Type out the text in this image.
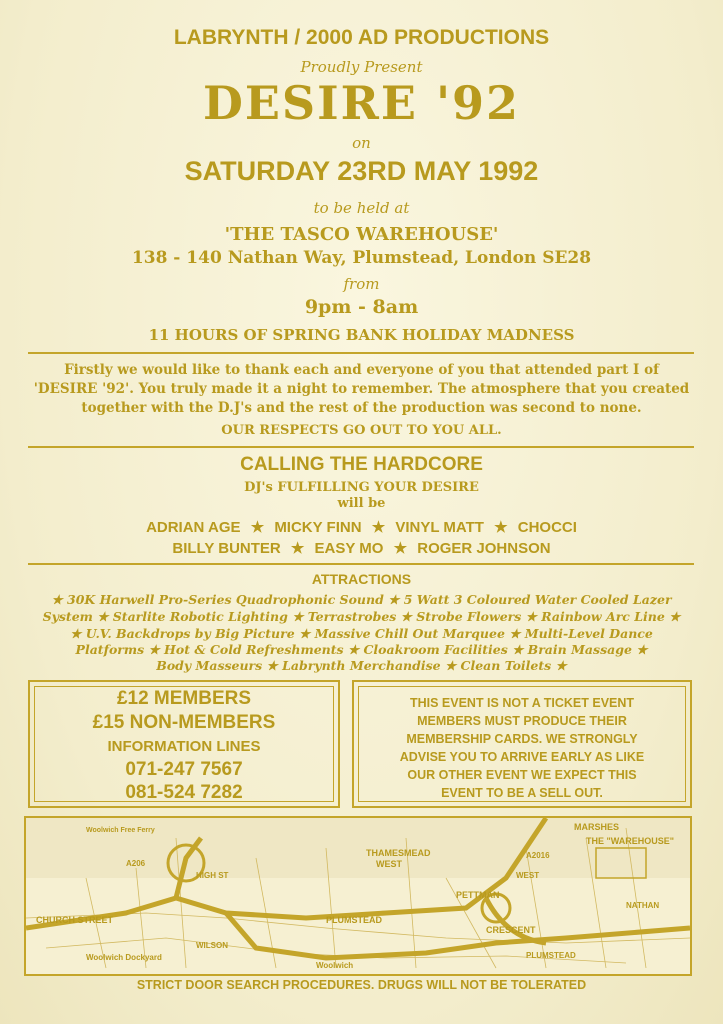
LABRYNTH / 2000 AD PRODUCTIONS
Proudly Present
DESIRE '92
on
SATURDAY 23RD MAY 1992
to be held at
'THE TASCO WAREHOUSE'
138 - 140 Nathan Way, Plumstead, London SE28
from
9pm - 8am
11 HOURS OF SPRING BANK HOLIDAY MADNESS
Firstly we would like to thank each and everyone of you that attended part I of
'DESIRE '92'. You truly made it a night to remember. The atmosphere that you created
together with the D.J's and the rest of the production was second to none.
OUR RESPECTS GO OUT TO YOU ALL.
CALLING THE HARDCORE
DJ's FULFILLING YOUR DESIRE
will be
ADRIAN AGE ★ MICKY FINN ★ VINYL MATT ★ CHOCCI
BILLY BUNTER ★ EASY MO ★ ROGER JOHNSON
ATTRACTIONS
★ 30K Harwell Pro-Series Quadrophonic Sound ★ 5 Watt 3 Coloured Water Cooled Lazer
System ★ Starlite Robotic Lighting ★ Terrastrobes ★ Strobe Flowers ★ Rainbow Arc Line ★
★ U.V. Backdrops by Big Picture ★ Massive Chill Out Marquee ★ Multi-Level Dance
Platforms ★ Hot & Cold Refreshments ★ Cloakroom Facilities ★ Brain Massage ★
Body Masseurs ★ Labrynth Merchandise ★ Clean Toilets ★
£12 MEMBERS
£15 NON-MEMBERS
INFORMATION LINES
071-247 7567
081-524 7282
THIS EVENT IS NOT A TICKET EVENT
MEMBERS MUST PRODUCE THEIR
MEMBERSHIP CARDS. WE STRONGLY
ADVISE YOU TO ARRIVE EARLY AS LIKE
OUR OTHER EVENT WE EXPECT THIS
EVENT TO BE A SELL OUT.
MARSHES
THE "WAREHOUSE"
THAMESMEAD
WEST
PLUMSTEAD
PETTMAN
CRESCENT
CHURCH STREET
HIGH ST
WILSON
Woolwich Dockyard
Woolwich
A206
Woolwich Free Ferry
A2016
WEST
NATHAN
PLUMSTEAD
STRICT DOOR SEARCH PROCEDURES. DRUGS WILL NOT BE TOLERATED
